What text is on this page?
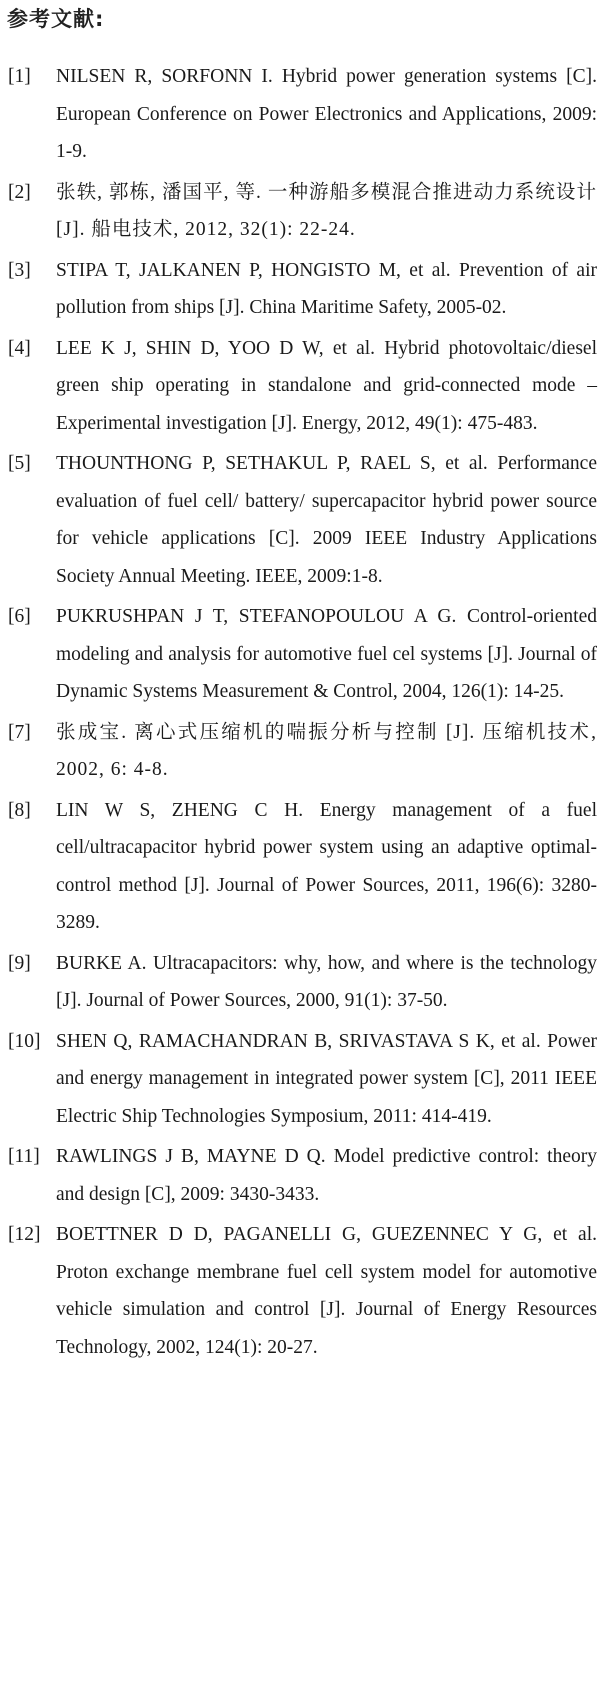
参考文献:
[1]	NILSEN R, SORFONN I. Hybrid power generation systems [C]. European Conference on Power Electronics and Applications, 2009: 1-9.
[2]	张轶, 郭栋, 潘国平, 等. 一种游船多模混合推进动力系统设计[J]. 船电技术, 2012, 32(1): 22-24.
[3]	STIPA T, JALKANEN P, HONGISTO M, et al. Prevention of air pollution from ships [J]. China Maritime Safety, 2005-02.
[4]	LEE K J, SHIN D, YOO D W, et al. Hybrid photovoltaic/diesel green ship operating in standalone and grid-connected mode – Experimental investigation [J]. Energy, 2012, 49(1): 475-483.
[5]	THOUNTHONG P, SETHAKUL P, RAEL S, et al. Performance evaluation of fuel cell/ battery/ supercapacitor hybrid power source for vehicle applications [C]. 2009 IEEE Industry Applications Society Annual Meeting. IEEE, 2009:1-8.
[6]	PUKRUSHPAN J T, STEFANOPOULOU A G. Control-oriented modeling and analysis for automotive fuel cel systems [J]. Journal of Dynamic Systems Measurement & Control, 2004, 126(1): 14-25.
[7]	张成宝. 离心式压缩机的喘振分析与控制 [J]. 压缩机技术, 2002, 6: 4-8.
[8]	LIN W S, ZHENG C H. Energy management of a fuel cell/ultracapacitor hybrid power system using an adaptive optimal-control method [J]. Journal of Power Sources, 2011, 196(6): 3280-3289.
[9]	BURKE A. Ultracapacitors: why, how, and where is the technology [J]. Journal of Power Sources, 2000, 91(1): 37-50.
[10] SHEN Q, RAMACHANDRAN B, SRIVASTAVA S K, et al. Power and energy management in integrated power system [C], 2011 IEEE Electric Ship Technologies Symposium, 2011: 414-419.
[11] RAWLINGS J B, MAYNE D Q. Model predictive control: theory and design [C], 2009: 3430-3433.
[12] BOETTNER D D, PAGANELLI G, GUEZENNEC Y G, et al. Proton exchange membrane fuel cell system model for automotive vehicle simulation and control [J]. Journal of Energy Resources Technology, 2002, 124(1): 20-27.
